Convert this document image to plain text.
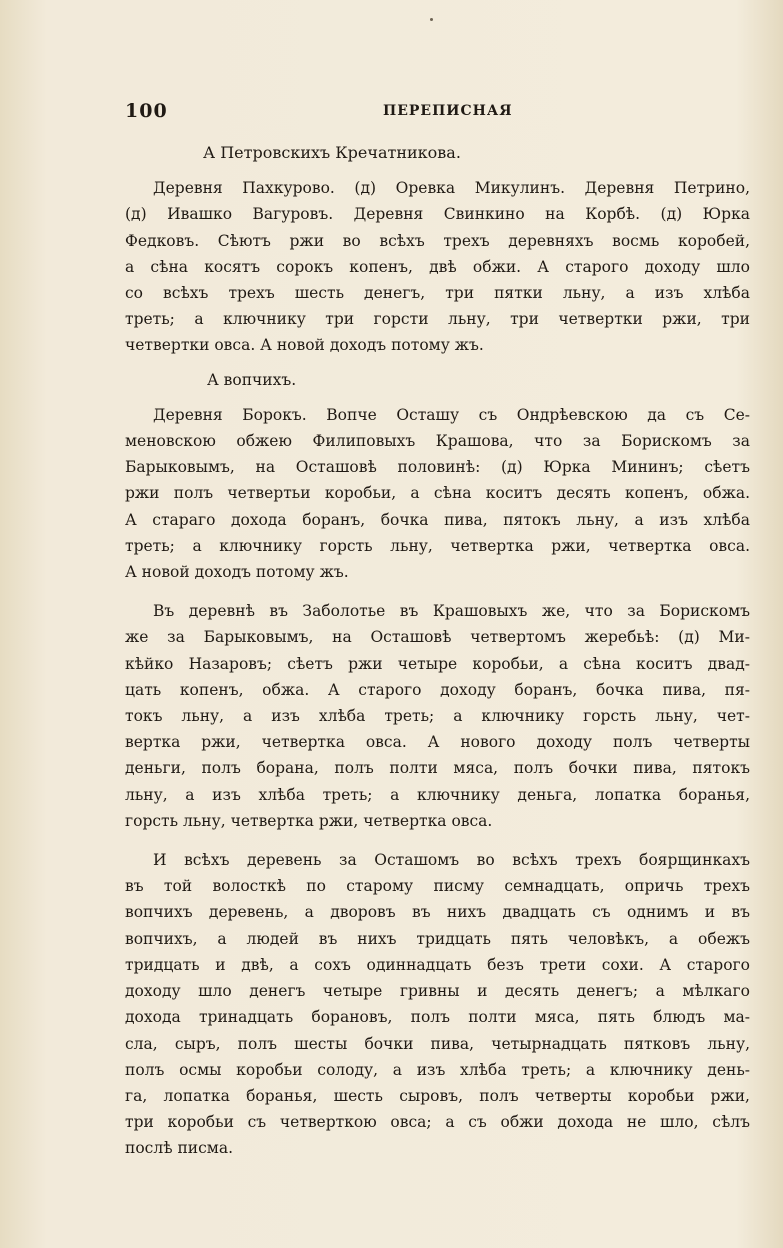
100	ПЕРЕПИСНАЯ
А Петровскихъ Кречатникова.
Деревня Пахкурово. (д) Оревка Микулинъ. Деревня Петрино,
(д) Ивашко Вагуровъ. Деревня Свинкино на Корбѣ. (д) Юрка
Федковъ. Сѣютъ ржи во всѣхъ трехъ деревняхъ восмь коробей,
а сѣна косятъ сорокъ копенъ, двѣ обжи. А старого доходу шло
со всѣхъ трехъ шесть денегъ, три пятки льну, а изъ хлѣба
треть; а ключнику три горсти льну, три четвертки ржи, три
четвертки овса. А новой доходъ потому жъ.
А вопчихъ.
Деревня Борокъ. Вопче Осташу съ Ондрѣевскою да съ Се-
меновскою обжею Филиповыхъ Крашова, что за Борискомъ за
Барыковымъ, на Осташовѣ половинѣ: (д) Юрка Мининъ; сѣетъ
ржи полъ четвертьи коробьи, а сѣна коситъ десять копенъ, обжа.
А стараго дохода боранъ, бочка пива, пятокъ льну, а изъ хлѣба
треть; а ключнику горсть льну, четвертка ржи, четвертка овса.
А новой доходъ потому жъ.
Въ деревнѣ въ Заболотье въ Крашовыхъ же, что за Борискомъ
же за Барыковымъ, на Осташовѣ четвертомъ жеребьѣ: (д) Ми-
кѣйко Назаровъ; сѣетъ ржи четыре коробьи, а сѣна коситъ двад-
цать копенъ, обжа. А старого доходу боранъ, бочка пива, пя-
токъ льну, а изъ хлѣба треть; а ключнику горсть льну, чет-
вертка ржи, четвертка овса. А нового доходу полъ четверты
деньги, полъ борана, полъ полти мяса, полъ бочки пива, пятокъ
льну, а изъ хлѣба треть; а ключнику деньга, лопатка боранья,
горсть льну, четвертка ржи, четвертка овса.
И всѣхъ деревень за Осташомъ во всѣхъ трехъ боярщинкахъ
въ той волосткѣ по старому писму семнадцать, опричь трехъ
вопчихъ деревень, а дворовъ въ нихъ двадцать съ однимъ и въ
вопчихъ, а людей въ нихъ тридцать пять человѣкъ, а обежъ
тридцать и двѣ, а сохъ одиннадцать безъ трети сохи. А старого
доходу шло денегъ четыре гривны и десять денегъ; а мѣлкаго
дохода тринадцать борановъ, полъ полти мяса, пять блюдъ ма-
сла, сыръ, полъ шесты бочки пива, четырнадцать пятковъ льну,
полъ осмы коробьи солоду, а изъ хлѣба треть; а ключнику день-
га, лопатка боранья, шесть сыровъ, полъ четверты коробьи ржи,
три коробьи съ четверткою овса; а съ обжи дохода не шло, сѣлъ
послѣ писма.
